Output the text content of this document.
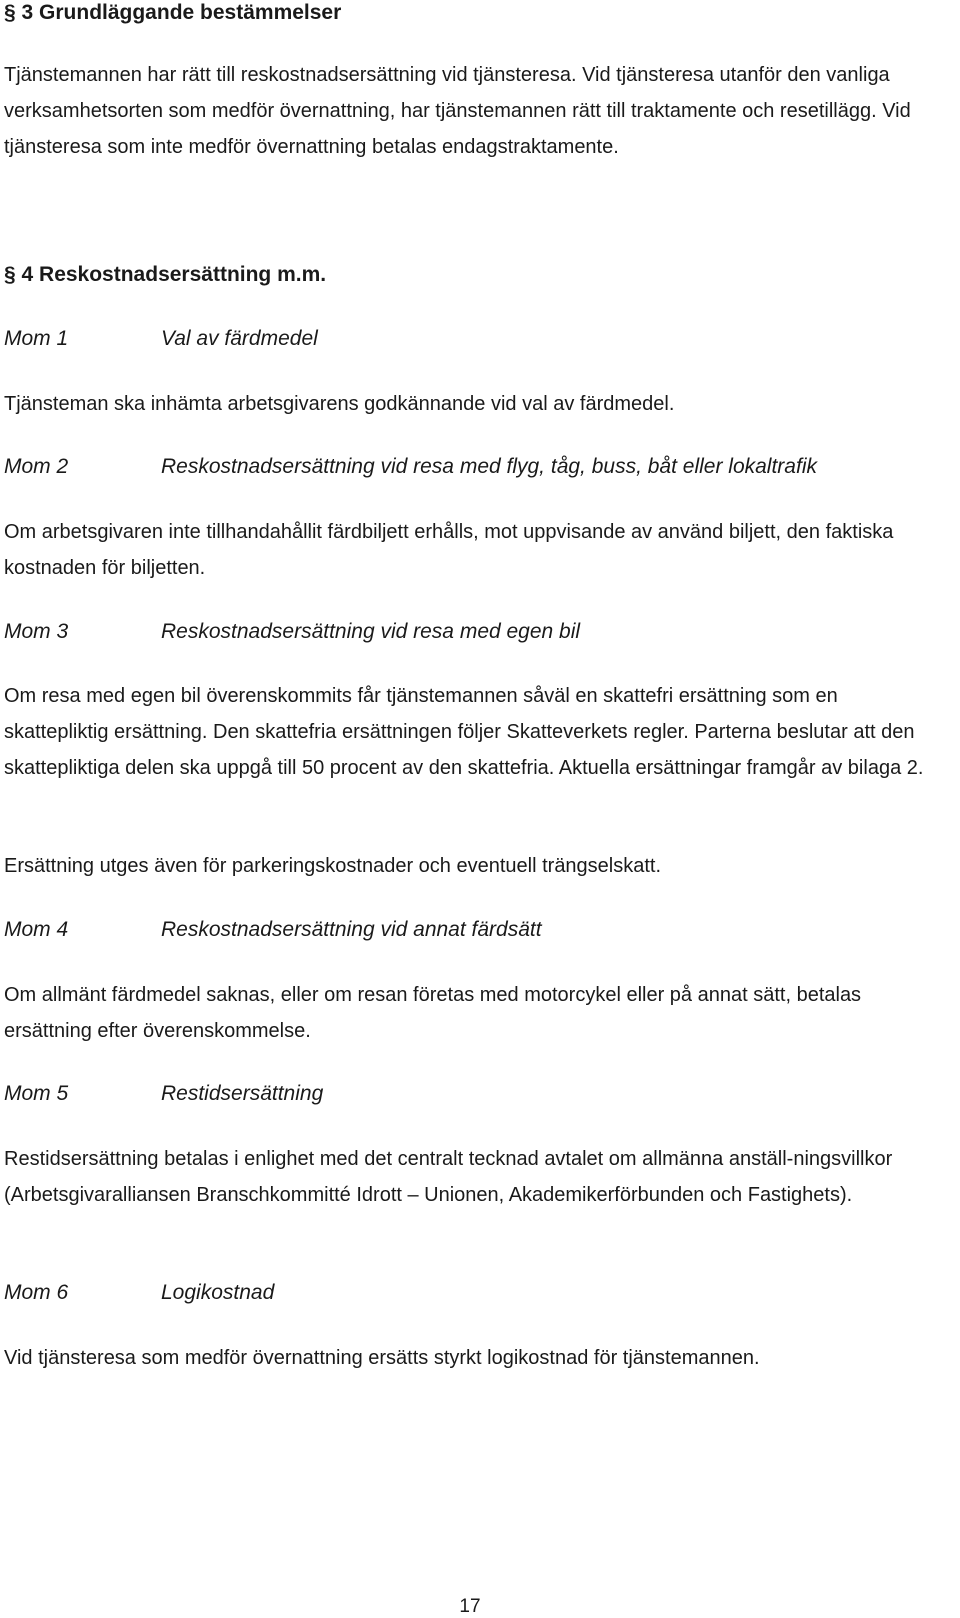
§ 3 Grundläggande bestämmelser
Tjänstemannen har rätt till reskostnadsersättning vid tjänsteresa. Vid tjänsteresa utanför den vanliga verksamhetsorten som medför övernattning, har tjänstemannen rätt till traktamente och resetillägg. Vid tjänsteresa som inte medför övernattning betalas endagstraktamente.
§ 4 Reskostnadsersättning m.m.
Mom 1	Val av färdmedel
Tjänsteman ska inhämta arbetsgivarens godkännande vid val av färdmedel.
Mom 2	Reskostnadsersättning vid resa med flyg, tåg, buss, båt eller lokaltrafik
Om arbetsgivaren inte tillhandahållit färdbiljett erhålls, mot uppvisande av använd biljett, den faktiska kostnaden för biljetten.
Mom 3	Reskostnadsersättning vid resa med egen bil
Om resa med egen bil överenskommits får tjänstemannen såväl en skattefri ersättning som en skattepliktig ersättning. Den skattefria ersättningen följer Skatteverkets regler. Parterna beslutar att den skattepliktiga delen ska uppgå till 50 procent av den skattefria. Aktuella ersättningar framgår av bilaga 2.
Ersättning utges även för parkeringskostnader och eventuell trängselskatt.
Mom 4	Reskostnadsersättning vid annat färdsätt
Om allmänt färdmedel saknas, eller om resan företas med motorcykel eller på annat sätt, betalas ersättning efter överenskommelse.
Mom 5	Restidsersättning
Restidsersättning betalas i enlighet med det centralt tecknad avtalet om allmänna anställ-ningsvillkor (Arbetsgivaralliansen Branschkommitté Idrott – Unionen, Akademikerförbunden och Fastighets).
Mom 6	Logikostnad
Vid tjänsteresa som medför övernattning ersätts styrkt logikostnad för tjänstemannen.
17
